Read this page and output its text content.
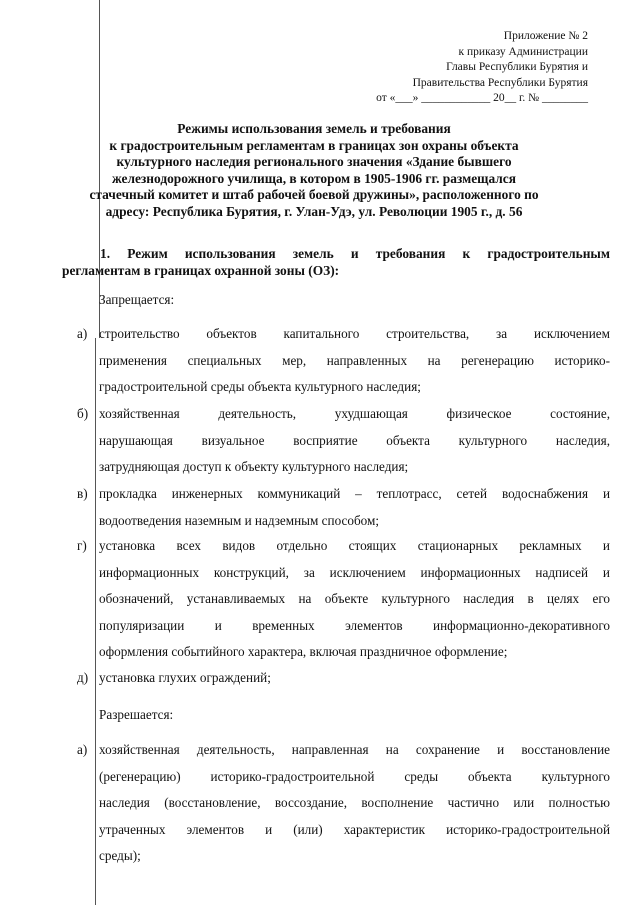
Приложение № 2
к приказу Администрации
Главы Республики Бурятия и
Правительства Республики Бурятия
от «___» ____________ 20__ г. № ________
Режимы использования земель и требования
к градостроительным регламентам в границах зон охраны объекта
культурного наследия регионального значения «Здание бывшего
железнодорожного училища, в котором в 1905-1906 гг. размещался
стачечный комитет и штаб рабочей боевой дружины», расположенного по
адресу: Республика Бурятия, г. Улан-Удэ, ул. Революции 1905 г., д. 56
1. Режим использования земель и требования к градостроительным
регламентам в границах охранной зоны (ОЗ):
Запрещается:
а) строительство объектов капитального строительства, за исключением
применения специальных мер, направленных на регенерацию историко-
градостроительной среды объекта культурного наследия;
б) хозяйственная деятельность, ухудшающая физическое состояние,
нарушающая визуальное восприятие объекта культурного наследия,
затрудняющая доступ к объекту культурного наследия;
в) прокладка инженерных коммуникаций – теплотрасс, сетей водоснабжения и
водоотведения наземным и надземным способом;
г) установка всех видов отдельно стоящих стационарных рекламных и
информационных конструкций, за исключением информационных надписей и
обозначений, устанавливаемых на объекте культурного наследия в целях его
популяризации и временных элементов информационно-декоративного
оформления событийного характера, включая праздничное оформление;
д) установка глухих ограждений;
Разрешается:
а) хозяйственная деятельность, направленная на сохранение и восстановление
(регенерацию) историко-градостроительной среды объекта культурного
наследия (восстановление, воссоздание, восполнение частично или полностью
утраченных элементов и (или) характеристик историко-градостроительной
среды);
